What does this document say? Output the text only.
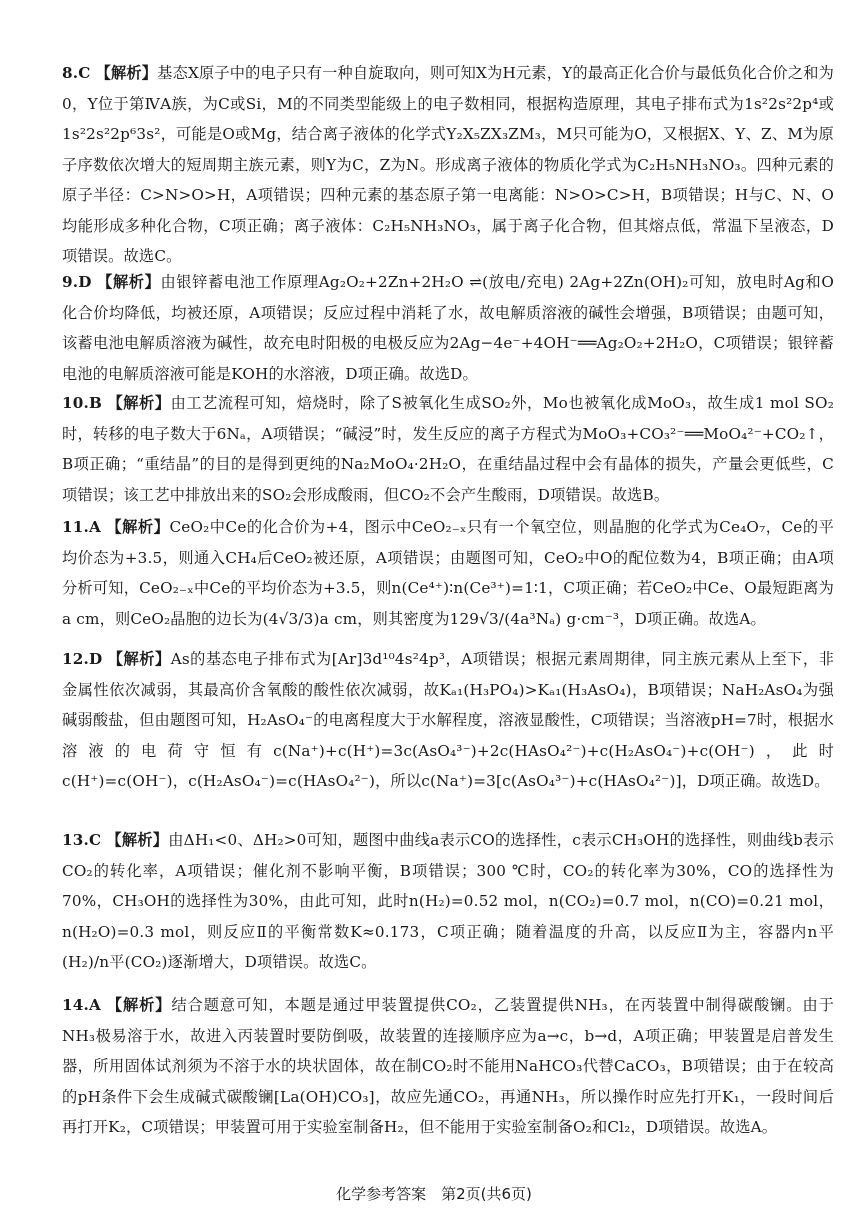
8.C 【解析】基态X原子中的电子只有一种自旋取向，则可知X为H元素，Y的最高正化合价与最低负化合价之和为0，Y位于第ⅣA族，为C或Si，M的不同类型能级上的电子数相同，根据构造原理，其电子排布式为1s²2s²2p⁴或1s²2s²2p⁶3s²，可能是O或Mg，结合离子液体的化学式Y₂X₅ZX₃ZM₃，M只可能为O，又根据X、Y、Z、M为原子序数依次增大的短周期主族元素，则Y为C，Z为N。形成离子液体的物质化学式为C₂H₅NH₃NO₃。四种元素的原子半径：C>N>O>H，A项错误；四种元素的基态原子第一电离能：N>O>C>H，B项错误；H与C、N、O均能形成多种化合物，C项正确；离子液体：C₂H₅NH₃NO₃，属于离子化合物，但其熔点低，常温下呈液态，D项错误。故选C。
9.D 【解析】由银锌蓄电池工作原理Ag₂O₂+2Zn+2H₂O ⇌(放电/充电) 2Ag+2Zn(OH)₂可知，放电时Ag和O化合价均降低，均被还原，A项错误；反应过程中消耗了水，故电解质溶液的碱性会增强，B项错误；由题可知，该蓄电池电解质溶液为碱性，故充电时阳极的电极反应为2Ag−4e⁻+4OH⁻══Ag₂O₂+2H₂O，C项错误；银锌蓄电池的电解质溶液可能是KOH的水溶液，D项正确。故选D。
10.B 【解析】由工艺流程可知，焙烧时，除了S被氧化生成SO₂外，Mo也被氧化成MoO₃，故生成1 mol SO₂时，转移的电子数大于6Nₐ，A项错误；“碱浸”时，发生反应的离子方程式为MoO₃+CO₃²⁻══MoO₄²⁻+CO₂↑，B项正确；“重结晶”的目的是得到更纯的Na₂MoO₄·2H₂O，在重结晶过程中会有晶体的损失，产量会更低些，C项错误；该工艺中排放出来的SO₂会形成酸雨，但CO₂不会产生酸雨，D项错误。故选B。
11.A 【解析】CeO₂中Ce的化合价为+4，图示中CeO₂₋ₓ只有一个氧空位，则晶胞的化学式为Ce₄O₇，Ce的平均价态为+3.5，则通入CH₄后CeO₂被还原，A项错误；由题图可知，CeO₂中O的配位数为4，B项正确；由A项分析可知，CeO₂₋ₓ中Ce的平均价态为+3.5，则n(Ce⁴⁺)∶n(Ce³⁺)=1∶1，C项正确；若CeO₂中Ce、O最短距离为a cm，则CeO₂晶胞的边长为(4√3/3)a cm，则其密度为129√3/(4a³Nₐ) g·cm⁻³，D项正确。故选A。
12.D 【解析】As的基态电子排布式为[Ar]3d¹⁰4s²4p³，A项错误；根据元素周期律，同主族元素从上至下，非金属性依次减弱，其最高价含氧酸的酸性依次减弱，故Kₐ₁(H₃PO₄)>Kₐ₁(H₃AsO₄)，B项错误；NaH₂AsO₄为强碱弱酸盐，但由题图可知，H₂AsO₄⁻的电离程度大于水解程度，溶液显酸性，C项错误；当溶液pH=7时，根据水溶液的电荷守恒有c(Na⁺)+c(H⁺)=3c(AsO₄³⁻)+2c(HAsO₄²⁻)+c(H₂AsO₄⁻)+c(OH⁻)，此时c(H⁺)=c(OH⁻)，c(H₂AsO₄⁻)=c(HAsO₄²⁻)，所以c(Na⁺)=3[c(AsO₄³⁻)+c(HAsO₄²⁻)]，D项正确。故选D。
13.C 【解析】由ΔH₁<0、ΔH₂>0可知，题图中曲线a表示CO的选择性，c表示CH₃OH的选择性，则曲线b表示CO₂的转化率，A项错误；催化剂不影响平衡，B项错误；300 ℃时，CO₂的转化率为30%，CO的选择性为70%，CH₃OH的选择性为30%，由此可知，此时n(H₂)=0.52 mol，n(CO₂)=0.7 mol，n(CO)=0.21 mol，n(H₂O)=0.3 mol，则反应Ⅱ的平衡常数K≈0.173，C项正确；随着温度的升高，以反应Ⅱ为主，容器内n平(H₂)/n平(CO₂)逐渐增大，D项错误。故选C。
14.A 【解析】结合题意可知，本题是通过甲装置提供CO₂，乙装置提供NH₃，在丙装置中制得碳酸镧。由于NH₃极易溶于水，故进入丙装置时要防倒吸，故装置的连接顺序应为a→c，b→d，A项正确；甲装置是启普发生器，所用固体试剂须为不溶于水的块状固体，故在制CO₂时不能用NaHCO₃代替CaCO₃，B项错误；由于在较高的pH条件下会生成碱式碳酸镧[La(OH)CO₃]，故应先通CO₂，再通NH₃，所以操作时应先打开K₁，一段时间后再打开K₂，C项错误；甲装置可用于实验室制备H₂，但不能用于实验室制备O₂和Cl₂，D项错误。故选A。
化学参考答案　第2页(共6页)
